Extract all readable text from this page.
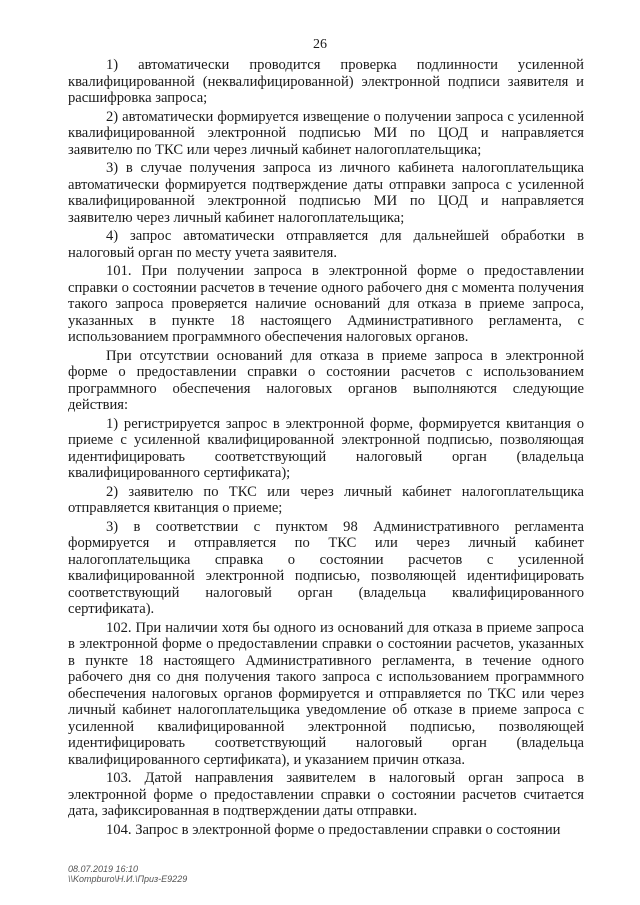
26

1) автоматически проводится проверка подлинности усиленной квалифицированной (неквалифицированной) электронной подписи заявителя и расшифровка запроса;

2) автоматически формируется извещение о получении запроса с усиленной квалифицированной электронной подписью МИ по ЦОД и направляется заявителю по ТКС или через личный кабинет налогоплательщика;

3) в случае получения запроса из личного кабинета налогоплательщика автоматически формируется подтверждение даты отправки запроса с усиленной квалифицированной электронной подписью МИ по ЦОД и направляется заявителю через личный кабинет налогоплательщика;

4) запрос автоматически отправляется для дальнейшей обработки в налоговый орган по месту учета заявителя.

101. При получении запроса в электронной форме о предоставлении справки о состоянии расчетов в течение одного рабочего дня с момента получения такого запроса проверяется наличие оснований для отказа в приеме запроса, указанных в пункте 18 настоящего Административного регламента, с использованием программного обеспечения налоговых органов.

При отсутствии оснований для отказа в приеме запроса в электронной форме о предоставлении справки о состоянии расчетов с использованием программного обеспечения налоговых органов выполняются следующие действия:

1) регистрируется запрос в электронной форме, формируется квитанция о приеме с усиленной квалифицированной электронной подписью, позволяющая идентифицировать соответствующий налоговый орган (владельца квалифицированного сертификата);

2) заявителю по ТКС или через личный кабинет налогоплательщика отправляется квитанция о приеме;

3) в соответствии с пунктом 98 Административного регламента формируется и отправляется по ТКС или через личный кабинет налогоплательщика справка о состоянии расчетов с усиленной квалифицированной электронной подписью, позволяющей идентифицировать соответствующий налоговый орган (владельца квалифицированного сертификата).

102. При наличии хотя бы одного из оснований для отказа в приеме запроса в электронной форме о предоставлении справки о состоянии расчетов, указанных в пункте 18 настоящего Административного регламента, в течение одного рабочего дня со дня получения такого запроса с использованием программного обеспечения налоговых органов формируется и отправляется по ТКС или через личный кабинет налогоплательщика уведомление об отказе в приеме запроса с усиленной квалифицированной электронной подписью, позволяющей идентифицировать соответствующий налоговый орган (владельца квалифицированного сертификата), и указанием причин отказа.

103. Датой направления заявителем в налоговый орган запроса в электронной форме о предоставлении справки о состоянии расчетов считается дата, зафиксированная в подтверждении даты отправки.

104. Запрос в электронной форме о предоставлении справки о состоянии

08.07.2019 16:10
\\Kompburo\Н.И.\Приз-Е9229
